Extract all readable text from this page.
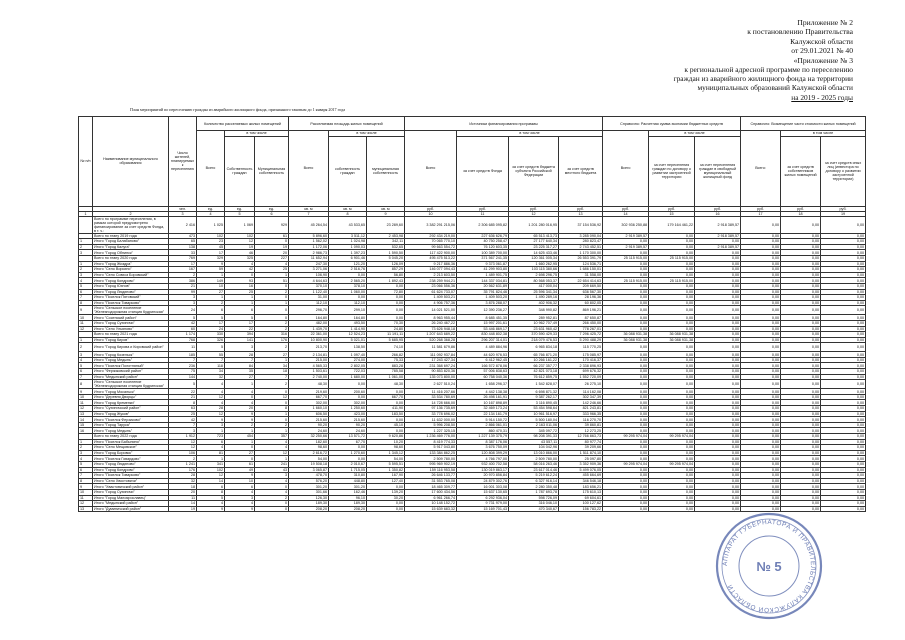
Приложение № 2
к постановлению Правительства
Калужской области
от 29.01.2021 № 40
«Приложение № 3
к региональной адресной программе по переселению
граждан из аварийного жилищного фонда на территории
муниципальных образований Калужской области
на 2019 - 2025 годы
План мероприятий по переселению граждан из аварийного жилищного фонда, признанного таковым до 1 января 2017 года
№ п/п	Наименование муниципального образования	Число жителей, планируемых к переселению	Количество расселяемых жилых помещений			Расселяемая площадь жилых помещений			Источники финансирования программы				Справочно: Расчетная сумма экономии бюджетных средств			Справочно: Возмещение части стоимости жилых помещений		
			Всего	в том числе		Всего	в том числе		Всего	в том числе			Всего	в том числе		Всего:	в том числе	
				Собственность граждан	Муниципальная собственность		собственность граждан	муниципальная собственность		за счет средств Фонда	за счет средств бюджета субъекта Российской Федерации	за счет средств местного бюджета		за счет переселения граждан по договору о развитии застроенной территории	за счет переселения граждан в свободный муниципальный жилищный фонд		за счет средств собственников жилых помещений	за счет средств иных лиц (инвестора по договору о развитии застроенной территории)
		чел.	ед.	ед.	ед.	кв. м	кв. м	кв. м	руб.	руб.	руб.	руб.	руб.	руб.	руб.	руб.	руб.	руб.
1	2	3	4	5	6	7	8	9	10	11	12	13	14	15	16	17	18	19
	Всего по программе переселения, в рамках которой предусмотрено финансирование за счет средств Фонда, в т. ч.:	2 416	1 025	1 069	929	45 264,54	43 533,65	23 289,60	3 382 291 215,06	2 306 685 095,82	1 201 280 016,95	37 154 536,92	302 936 250,88	179 164 461,22	2 918 389,57	0,00	0,00	0,00
	Всего по этапу 2019 года	473	102	102	61	5 896,60	3 511,12	2 453,98	292 434 219,00	227 636 626,79	65 513 413,73	3 285 090,04	2 919 389,57	0,00	2 918 389,57	0,00	0,00	0,00
1	Итого "Город Балабаново"	65	23	12	0	1 562,02	1 024,98	342,11	70 065 770,10	40 750 258,47	27 177 640,34	280 823,47	0,00	0,00	0,00	0,00	0,00	0,00
2	Итого "Город Калуга"	138	45	19	19	1 172,06	1 090,03	532,65	99 663 554,72	76 120 603,35	23 225 317,27	2 743 452,51	2 919 389,57	0,00	2 918 389,57	0,00	0,00	0,00
3	Итого "Город Обнинск"	33	17	46	20	2 986,73	1 397,23	1 590,50	117 422 900,00	100 389 700,00	14 625 433,46	1 170 300,00	0,00	0,00	0,00	0,00	0,00	0,00
	Всего по этапу 2020 года	769	329	325	227	11 652,94	6 901,46	5 045,20	495 475 513,22	371 567 241,35	120 361 005,34	26 553 391,79	25 115 915,00	25 115 915,00	0,00	0,00	0,00	0,00
1	Итого "Город Жиздра"	17	9	4	4	247,30	121,20	126,09	9 217 886,36	9 373 061,87	1 660 262,95	124 536,71	0,00	0,00	0,00	0,00	0,00	0,00
2	Итого "Село Ворсино"	167	59	42	25	3 271,06	2 516,76	857,29	146 077 094,43	41 299 903,80	103 115 380,66	1 686 150,01	0,00	0,00	0,00	0,00	0,00	0,00
3	Итого "Село Совхоз Боровский"	2	1	0	1	106,90	0,00	56,80	2 213 603,50	1 489 901,75	2 698 296,75	31 558,00	0,00	0,00	0,00	0,00	0,00	0,00
4	Итого "Город Кондрово"	386	149	93	51	4 644,63	2 565,20	1 892,43	238 259 944,21	144 337 034,81	80 568 053,37	22 654 414,63	25 115 915,00	25 115 915,00	0,00	0,00	0,00	0,00
5	Итого "Город Юхнов"	21	10	16	0	370,10	378,10	0,00	23 066 556,36	20 562 631,89	417 000,04	209 669,50	0,00	0,00	0,00	0,00	0,00	0,00
6	Итого "Город Людиново"	99	27	25	2	1 122,40	1 060,00	72,80	61 624 733,07	35 791 824,46	25 596 341,34	636 567,30	0,00	0,00	0,00	0,00	0,00	0,00
7	Итого "Поселок Пятовский"	3	1	1	0	31,00	0,00	0,00	1 409 503,21	1 409 503,20	1 490 289,16	28 196,36	0,00	0,00	0,00	0,00	0,00	0,00
8	Итого "Поселок Товарково"	3	2	1	1	112,10	112,10	0,00	4 906 757,36	3 876 288,07	402 906,32	60 802,05	0,00	0,00	0,00	0,00	0,00	0,00
9	Итого "Сельское поселение "Железнодорожная станция Кудринская"	24	6	6	0	296,70	299,10	0,00	14 021 521,00	12 390 236,27	348 990,82	869 196,21	0,00	0,00	0,00	0,00	0,00	0,00
10	Итого "Сосенский район"	5	5	5	0	164,80	164,80	0,00	8 963 955,44	8 685 451,35	289 952,81	87 650,87	0,00	0,00	0,00	0,00	0,00	0,00
11	Итого "Город Сухиничи"	42	17	17	2	482,00	493,50	70,30	26 240 467,22	15 997 201,61	10 962 707,49	266 450,00	0,00	0,00	0,00	0,00	0,00	0,00
12	Итого "Село Ульяново"	60	24	22	2	1 439,70	1 414,90	24,80	73 626 948,18	53 446 869,17	23 631 960,42	778 267,01	0,00	0,00	0,00	0,00	0,00	0,00
	Всего по этапу 2021 года	1 174	330	394	316	22 361,00	12 524,23	11 191,11	1 207 643 689,22	830 448 802,38	370 590 429,33	7 296 425,72	36 088 931,38	36 088 931,38	0,00	0,00	0,00	0,00
1	Итого "Город Киров"	768	326	141	176	10 800,90	5 021,01	5 685,95	520 268 368,28	296 207 314,01	218 079 476,53	5 290 488,29	36 088 931,38	36 088 931,38	0,00	0,00	0,00	0,00
2	Итого "Город Кирова и Кировский район"	11	5	3	2	213,70	138,50	74,10	11 581 679,86	4 489 884,96	6 965 834,18	115 770,25	0,00	0,00	0,00	0,00	0,00	0,00
3	Итого "Город Козельск"	185	55	28	27	2 134,81	1 097,40	266,82	111 092 937,84	44 620 976,53	65 766 871,20	175 085,97	0,00	0,00	0,00	0,00	0,00	0,00
4	Итого "Город Медынь"	7	7	7	1	215,00	274,00	75,33	17 243 427,34	6 412 962,45	10 266 161,22	170 416,37	0,00	0,00	0,00	0,00	0,00	0,00
5	Итого "Поселок Полотняный"	236	118	84	34	4 565,33	2 802,05	883,28	231 368 697,24	166 572 878,06	66 237 357,77	2 338 896,93	0,00	0,00	0,00	0,00	0,00	0,00
6	Итого "Ферзиковский район"	75	34	35	18	1 503,61	722,03	785,58	90 853 820,36	57 006 838,63	42 821 073,18	699 676,32	0,00	0,00	0,00	0,00	0,00	0,00
7	Итого "Медынский район"	144	32	27	7	2 740,00	1 680,00	1 061,00	135 073 800,00	60 758 040,36	76 612 859,75	1 552 720,09	0,00	0,00	0,00	0,00	0,00	0,00
8	Итого "Сельское поселение "Железнодорожная станция Кудринская"	5	4	1	2	48,30	0,00	48,30	2 627 510,24	1 658 296,37	1 542 828,07	26 275,10	0,00	0,00	0,00	0,00	0,00	0,00
9	Итого "Город Мосальск"	22	4	4	0	219,60	200,60	0,00	11 416 207,66	4 442 138,38	6 698 871,32	114 162,08	0,00	0,00	0,00	0,00	0,00	0,00
10	Итого "Деревня Дворцы"	21	12	0	12	667,70	0,00	667,70	33 534 780,69	26 498 161,91	9 387 262,17	302 347,39	0,00	0,00	0,00	0,00	0,00	0,00
11	Итого "Город Кременки"	8	4	4	0	302,00	302,00	0,00	14 728 666,00	10 167 898,89	3 116 890,45	142 246,66	0,00	0,00	0,00	0,00	0,00	0,00
12	Итого "Сухиничский район"	63	28	20	8	1 660,10	1 250,60	411,90	97 136 735,69	32 469 173,24	53 454 598,64	821 243,81	0,00	0,00	0,00	0,00	0,00	0,00
13	Итого "Город Жуков"	25	12	9	1	606,50	423,00	183,50	33 778 696,02	22 134 161,79	10 961 516,97	333 966,35	0,00	0,00	0,00	0,00	0,00	0,00
14	Итого "Поселок Ферзиково"	42	9	9	0	215,60	215,60	0,00	11 632 000,00	5 914 150,72	5 500 180,04	116 270,70	0,00	0,00	0,00	0,00	0,00	0,00
15	Итого "Город Таруса"	7	3	2	2	90,20	90,20	45,10	5 996 208,50	2 866 061,01	2 163 011,06	39 860,81	0,00	0,00	0,00	0,00	0,00	0,00
16	Итого "Город Медынь"	3	1	1	1	24,60	24,60	0,00	1 227 325,15	860 470,31	345 097,72	12 273,25	0,00	0,00	0,00	0,00	0,00	0,00
	Всего по этапу 2022 года	1 912	723	454	357	32 250,66	13 571,72	9 620,86	1 236 469 776,00	1 227 139 375,79	98 208 391,33	12 766 863,73	99 295 974,04	99 295 974,04	0,00	0,00	0,00	0,00
1	Итого "Поселок Бабынино"	12	6	1	4	182,60	67,70	10,20	8 419 774,33	8 387 176,06	43 557,11	80 977,74	0,00	0,00	0,00	0,00	0,00	0,00
2	Итого "Село Мещовское"	12	4	0	4	98,60	0,00	98,60	5 917 043,80	3 676 750,09	104 042,96	39 209,66	0,00	0,00	0,00	0,00	0,00	0,00
3	Итого "Город Боровск"	106	81	27	12	2 616,72	1 270,60	1 345,12	133 384 862,25	120 808 399,29	13 010 866,00	1 511 874,10	0,00	0,00	0,00	0,00	0,00	0,00
4	Итого "Поселок Говардово"	2	1	0	1	54,00	0,00	54,00	2 509 780,00	4 766 797,00	2 509 780,00	25 097,80	0,00	0,00	0,00	0,00	0,00	0,00
5	Итого "Город Людиново"	1 241	341	61	241	19 508,18	2 010,67	5 595,51	995 969 902,19	932 400 702,58	58 016 263,46	3 352 909,36	99 295 974,04	99 295 974,04	0,00	0,00	0,00	0,00
6	Итого "Город Кондрово"	176	102	49	43	3 065,87	1 715,05	1 350,82	159 116 953,58	130 019 863,17	23 617 014,46	5 499 076,05	0,00	0,00	0,00	0,00	0,00	0,00
7	Итого "Поселок Товарково"	28	12	9	3	478,70	310,80	167,90	26 646 133,77	20 970 856,84	5 219 612,24	455 664,69	0,00	0,00	0,00	0,00	0,00	0,00
8	Итого "Село Хвостовичи"	32	14	10	4	576,20	448,80	127,40	31 553 765,08	24 879 302,76	6 327 916,14	346 546,18	0,00	0,00	0,00	0,00	0,00	0,00
9	Итого "Хвастовичский район"	18	6	6	0	301,20	301,20	0,00	18 465 309,77	16 001 303,08	2 280 350,48	183 656,21	0,00	0,00	0,00	0,00	0,00	0,00
10	Итого "Город Сухиничи"	20	8	4	4	301,66	162,46	139,20	17 600 434,56	15 637 130,65	1 787 693,78	175 610,13	0,00	0,00	0,00	0,00	0,00	0,00
11	Итого "Город Малоярославец"	11	5	3	2	126,30	96,10	30,20	6 961 266,74	6 292 936,04	598 726,09	69 604,61	0,00	0,00	0,00	0,00	0,00	0,00
12	Итого "Медынский район"	14	4	4	0	189,30	189,30	0,00	10 148 152,72	9 731 979,00	316 046,10	100 127,62	0,00	0,00	0,00	0,00	0,00	0,00
13	Итого "Думиничский район"	19	9	9	0	208,20	208,20	0,00	15 639 683,32	15 169 701,43	470 340,67	156 783,22	0,00	0,00	0,00	0,00	0,00	0,00
АППАРАТ ГУБЕРНАТОРА И ПРАВИТЕЛЬСТВА КАЛУЖСКОЙ ОБЛАСТИ
№ 5
